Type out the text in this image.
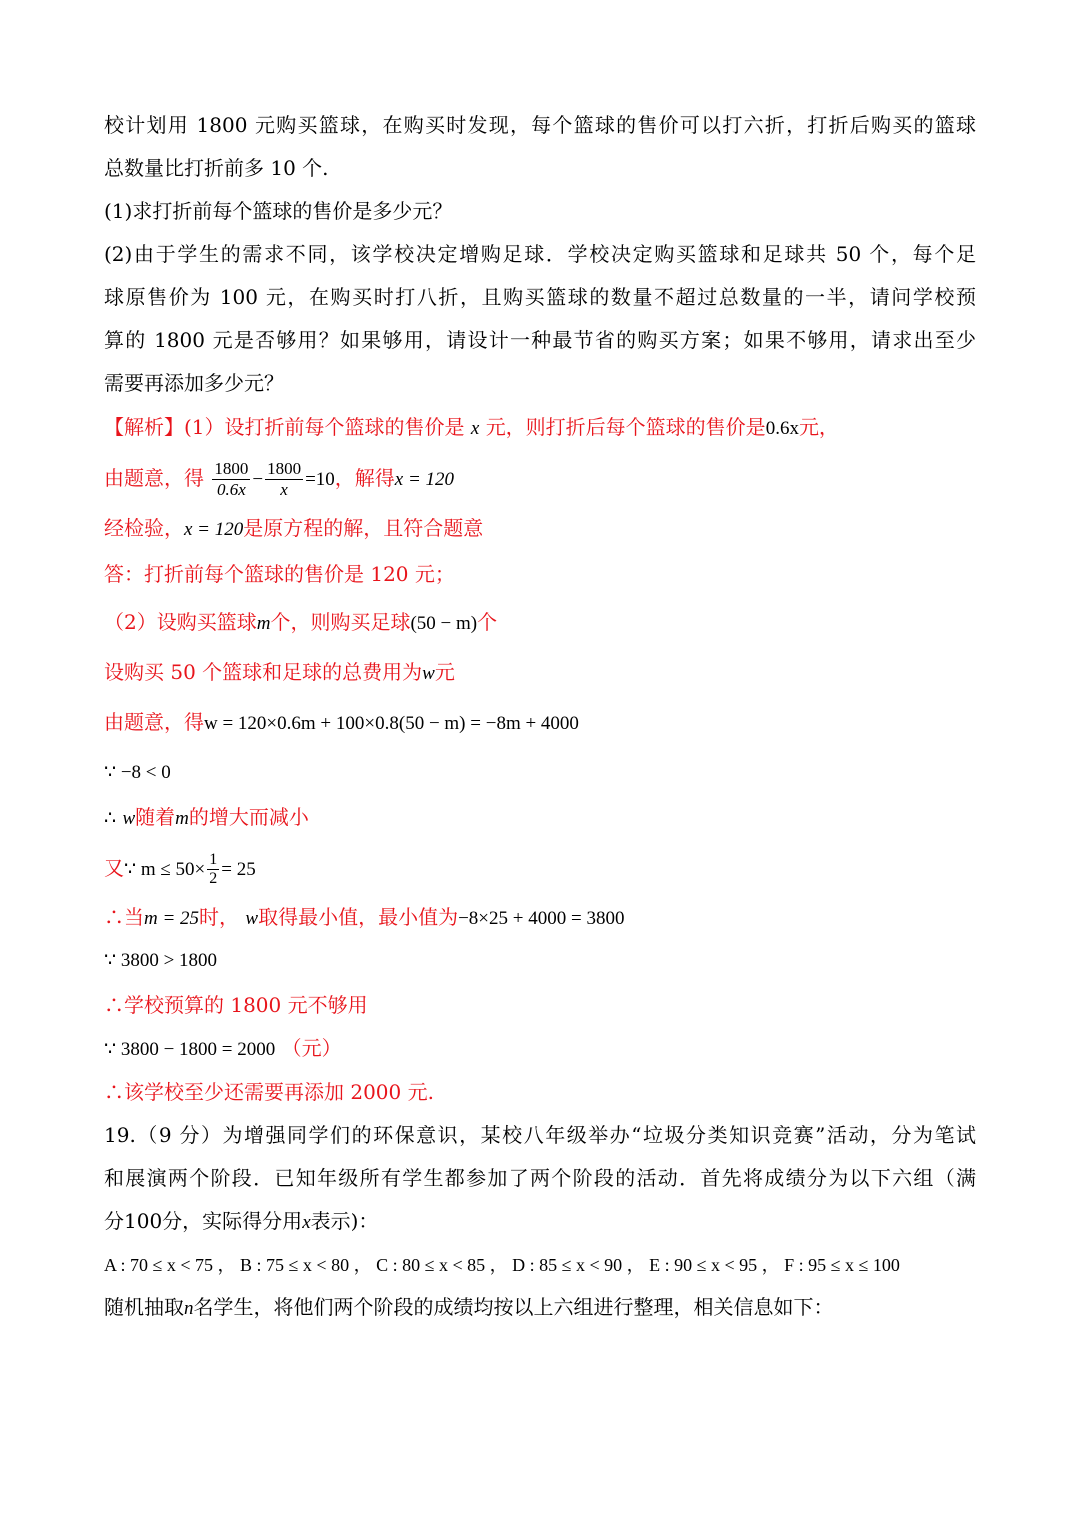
校计划用 1800 元购买篮球，在购买时发现，每个篮球的售价可以打六折，打折后购买的篮球
总数量比打折前多 10 个.
(1)求打折前每个篮球的售价是多少元？
(2)由于学生的需求不同，该学校决定增购足球．学校决定购买篮球和足球共 50 个，每个足
球原售价为 100 元，在购买时打八折，且购买篮球的数量不超过总数量的一半，请问学校预
算的 1800 元是否够用？如果够用，请设计一种最节省的购买方案；如果不够用，请求出至少
需要再添加多少元？
【解析】(1）设打折前每个篮球的售价是 x 元，则打折后每个篮球的售价是0.6x元，
由题意，得 $\frac{1800}{0.6x} - \frac{1800}{x} =10$，解得x = 120
经检验，x = 120是原方程的解，且符合题意
答：打折前每个篮球的售价是 120 元；
（2）设购买篮球m个，则购买足球(50 − m)个
设购买 50 个篮球和足球的总费用为w元
由题意，得w = 120×0.6m + 100×0.8(50 − m) = −8m + 4000
∵ −8 < 0
∴ w随着m的增大而减小
又∵ $m \le 50\times \frac{1}{2} = 25$
∴当m = 25时， w取得最小值，最小值为−8×25 + 4000 = 3800
∵ 3800 > 1800
∴学校预算的 1800 元不够用
∵ 3800 − 1800 = 2000 （元）
∴该学校至少还需要再添加 2000 元.
19.（9 分）为增强同学们的环保意识，某校八年级举办“垃圾分类知识竞赛”活动，分为笔试
和展演两个阶段．已知年级所有学生都参加了两个阶段的活动．首先将成绩分为以下六组（满
分100分，实际得分用x表示)：
A : 70 ≤ x < 75 ， B : 75 ≤ x < 80 ， C : 80 ≤ x < 85 ， D : 85 ≤ x < 90 ， E : 90 ≤ x < 95 ， F : 95 ≤ x ≤ 100
随机抽取n名学生，将他们两个阶段的成绩均按以上六组进行整理，相关信息如下：
